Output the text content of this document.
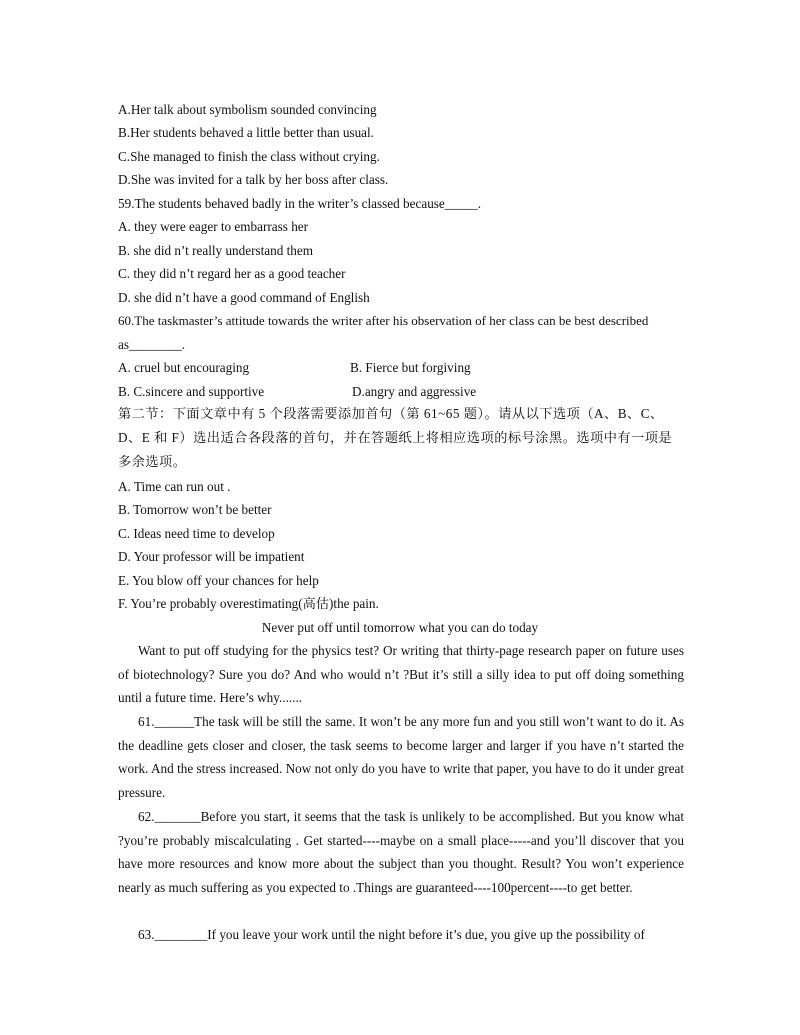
A.Her talk about symbolism sounded convincing
B.Her students behaved a little better than usual.
C.She managed to finish the class without crying.
D.She was invited for a talk by her boss after class.
59.The students behaved badly in the writer’s classed because_____.
A. they were eager to embarrass her
B. she did n’t really understand them
C. they did n’t regard her as a good teacher
D. she did n’t have a good command of English
60.The taskmaster’s attitude towards the writer after his observation of her class can be best described
as________.
A. cruel but encouraging	B. Fierce but forgiving
B. C.sincere and supportive	D.angry and aggressive
第二节：下面文章中有 5 个段落需要添加首句（第 61~65 题）。请从以下选项（A、B、C、
D、E 和 F）选出适合各段落的首句，并在答题纸上将相应选项的标号涂黑。选项中有一项是
多余选项。
A. Time can run out .
B. Tomorrow won’t be better
C. Ideas need time to develop
D. Your professor will be impatient
E. You blow off your chances for help
F. You’re probably overestimating(高估)the pain.
Never put off until tomorrow what you can do today
Want to put off studying for the physics test? Or writing that thirty-page research paper on future uses of biotechnology? Sure you do? And who would n’t ?But it’s still a silly idea to put off doing something until a future time. Here’s why.......
61.______The task will be still the same. It won’t be any more fun and you still won’t want to do it. As the deadline gets closer and closer, the task seems to become larger and larger if you have n’t started the work. And the stress increased. Now not only do you have to write that paper, you have to do it under great pressure.
62._______Before you start, it seems that the task is unlikely to be accomplished. But you know what ?you’re probably miscalculating . Get started----maybe on a small place-----and you’ll discover that you have more resources and know more about the subject than you thought. Result? You won’t experience nearly as much suffering as you expected to .Things are guaranteed----100percent----to get better.
63.________If you leave your work until the night before it’s due, you give up the possibility of
